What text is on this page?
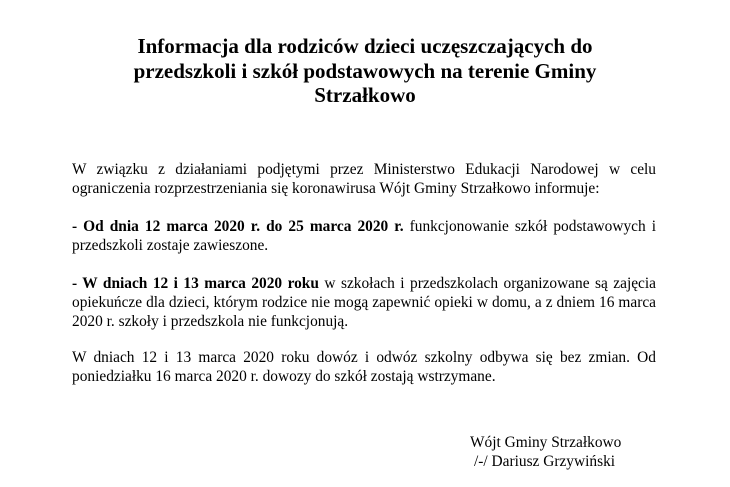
Informacja dla rodziców dzieci uczęszczających do
przedszkoli i szkół podstawowych na terenie Gminy
Strzałkowo

W związku z działaniami podjętymi przez Ministerstwo Edukacji Narodowej w celu ograniczenia rozprzestrzeniania się koronawirusa Wójt Gminy Strzałkowo informuje:

- Od dnia 12 marca 2020 r. do 25 marca 2020 r. funkcjonowanie szkół podstawowych i przedszkoli zostaje zawieszone.

- W dniach 12 i 13 marca 2020 roku w szkołach i przedszkolach organizowane są zajęcia opiekuńcze dla dzieci, którym rodzice nie mogą zapewnić opieki w domu, a z dniem 16 marca 2020 r. szkoły i przedszkola nie funkcjonują.

W dniach 12 i 13 marca 2020 roku dowóz i odwóz szkolny odbywa się bez zmian. Od poniedziałku 16 marca 2020 r. dowozy do szkół zostają wstrzymane.

Wójt Gminy Strzałkowo
/-/ Dariusz Grzywiński
